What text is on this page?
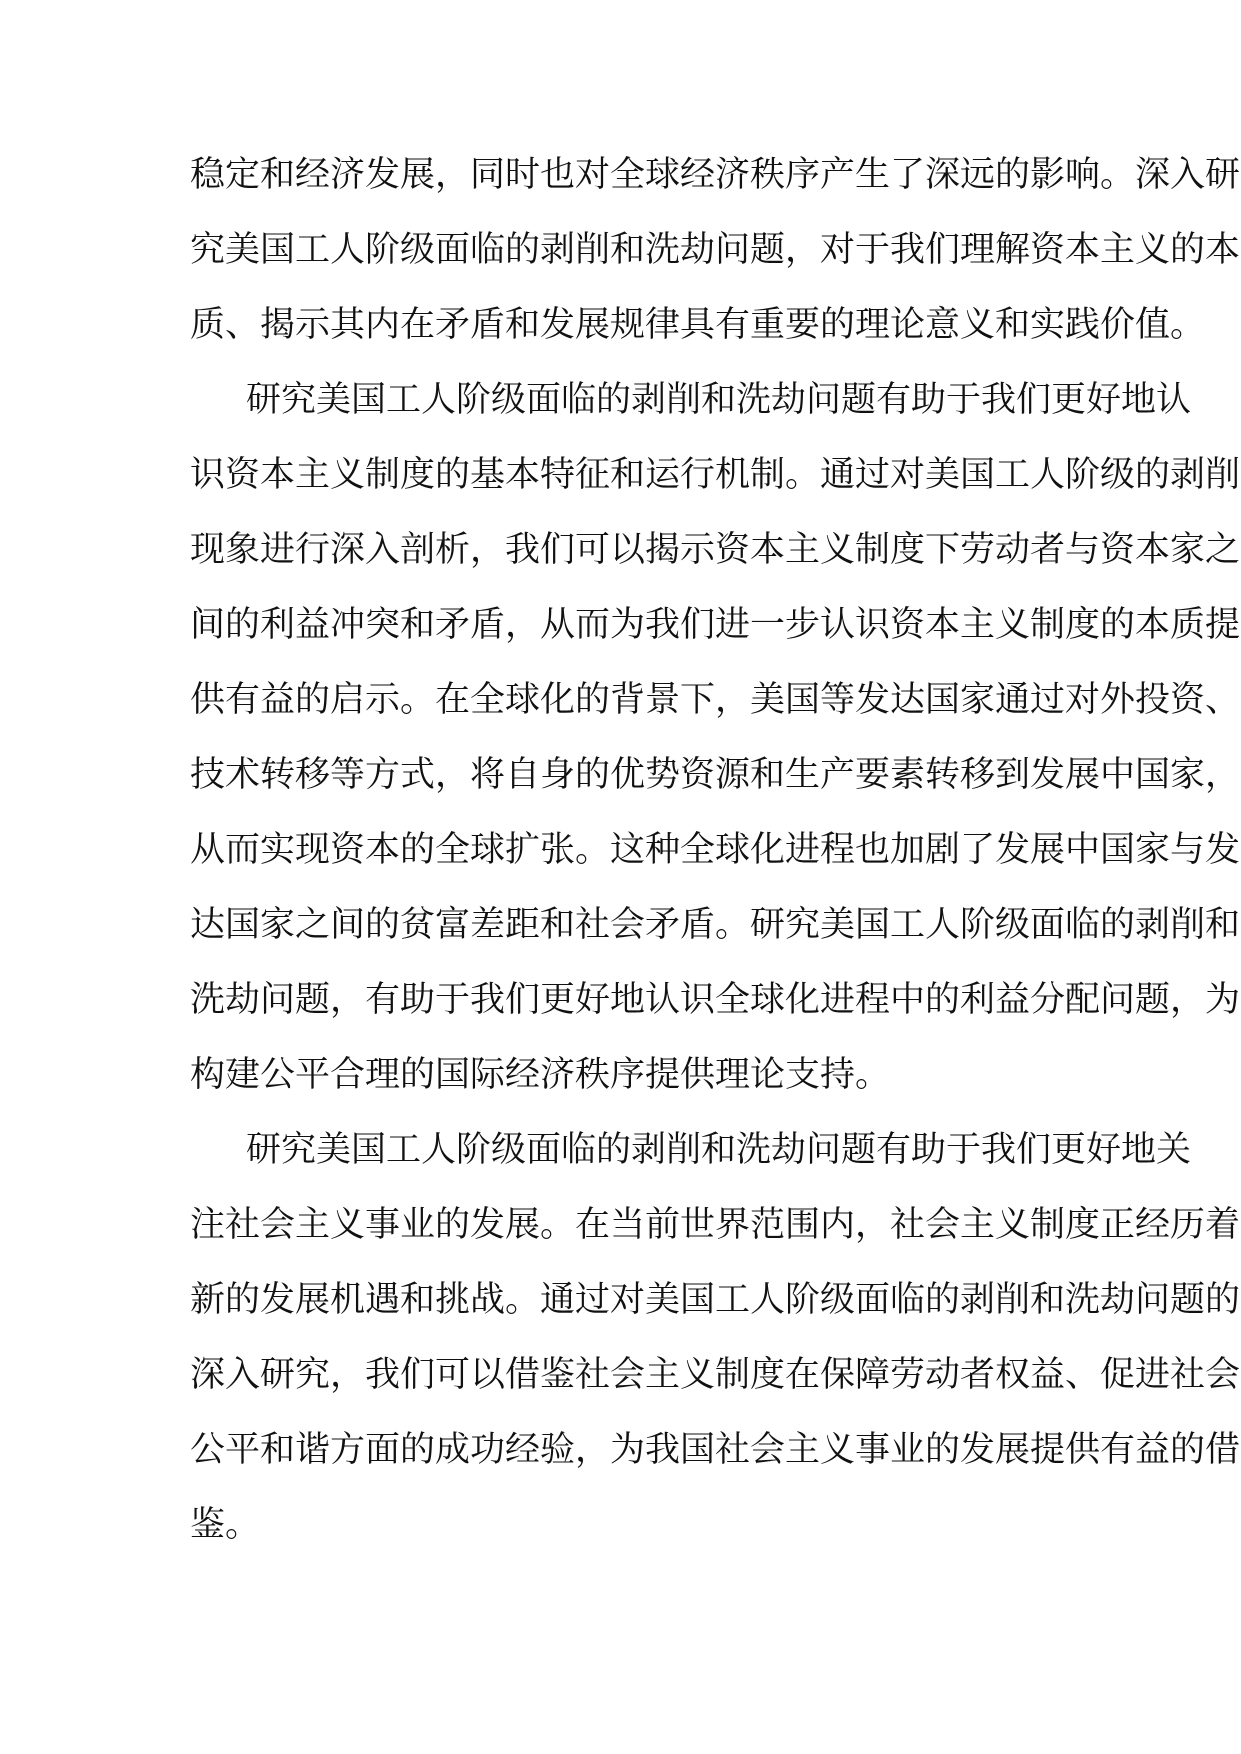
稳定和经济发展，同时也对全球经济秩序产生了深远的影响。深入研
究美国工人阶级面临的剥削和洗劫问题，对于我们理解资本主义的本
质、揭示其内在矛盾和发展规律具有重要的理论意义和实践价值。
研究美国工人阶级面临的剥削和洗劫问题有助于我们更好地认
识资本主义制度的基本特征和运行机制。通过对美国工人阶级的剥削
现象进行深入剖析，我们可以揭示资本主义制度下劳动者与资本家之
间的利益冲突和矛盾，从而为我们进一步认识资本主义制度的本质提
供有益的启示。在全球化的背景下，美国等发达国家通过对外投资、
技术转移等方式，将自身的优势资源和生产要素转移到发展中国家，
从而实现资本的全球扩张。这种全球化进程也加剧了发展中国家与发
达国家之间的贫富差距和社会矛盾。研究美国工人阶级面临的剥削和
洗劫问题，有助于我们更好地认识全球化进程中的利益分配问题，为
构建公平合理的国际经济秩序提供理论支持。
研究美国工人阶级面临的剥削和洗劫问题有助于我们更好地关
注社会主义事业的发展。在当前世界范围内，社会主义制度正经历着
新的发展机遇和挑战。通过对美国工人阶级面临的剥削和洗劫问题的
深入研究，我们可以借鉴社会主义制度在保障劳动者权益、促进社会
公平和谐方面的成功经验，为我国社会主义事业的发展提供有益的借
鉴。
